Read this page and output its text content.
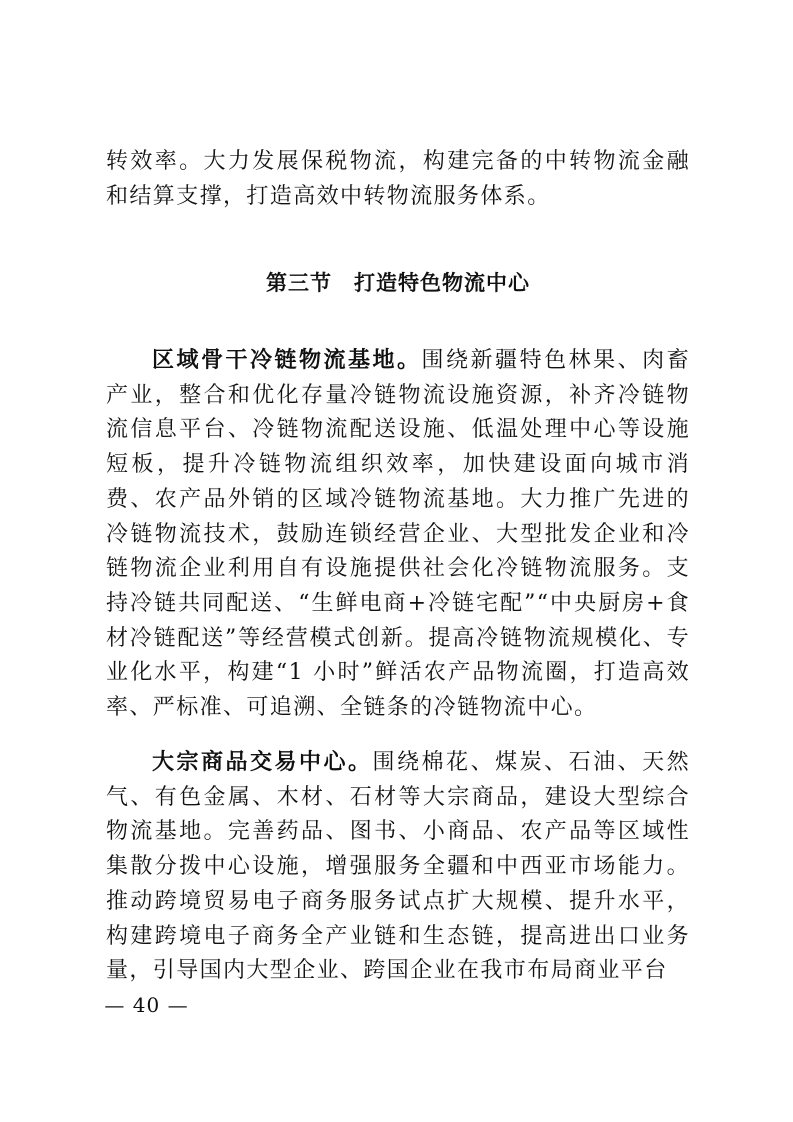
转效率。大力发展保税物流，构建完备的中转物流金融和结算支撑，打造高效中转物流服务体系。

第三节　打造特色物流中心

区域骨干冷链物流基地。围绕新疆特色林果、肉畜产业，整合和优化存量冷链物流设施资源，补齐冷链物流信息平台、冷链物流配送设施、低温处理中心等设施短板，提升冷链物流组织效率，加快建设面向城市消费、农产品外销的区域冷链物流基地。大力推广先进的冷链物流技术，鼓励连锁经营企业、大型批发企业和冷链物流企业利用自有设施提供社会化冷链物流服务。支持冷链共同配送、“生鲜电商+冷链宅配”“中央厨房+食材冷链配送”等经营模式创新。提高冷链物流规模化、专业化水平，构建“1 小时”鲜活农产品物流圈，打造高效率、严标准、可追溯、全链条的冷链物流中心。

大宗商品交易中心。围绕棉花、煤炭、石油、天然气、有色金属、木材、石材等大宗商品，建设大型综合物流基地。完善药品、图书、小商品、农产品等区域性集散分拨中心设施，增强服务全疆和中西亚市场能力。推动跨境贸易电子商务服务试点扩大规模、提升水平，构建跨境电子商务全产业链和生态链，提高进出口业务量，引导国内大型企业、跨国企业在我市布局商业平台

— 40 —
